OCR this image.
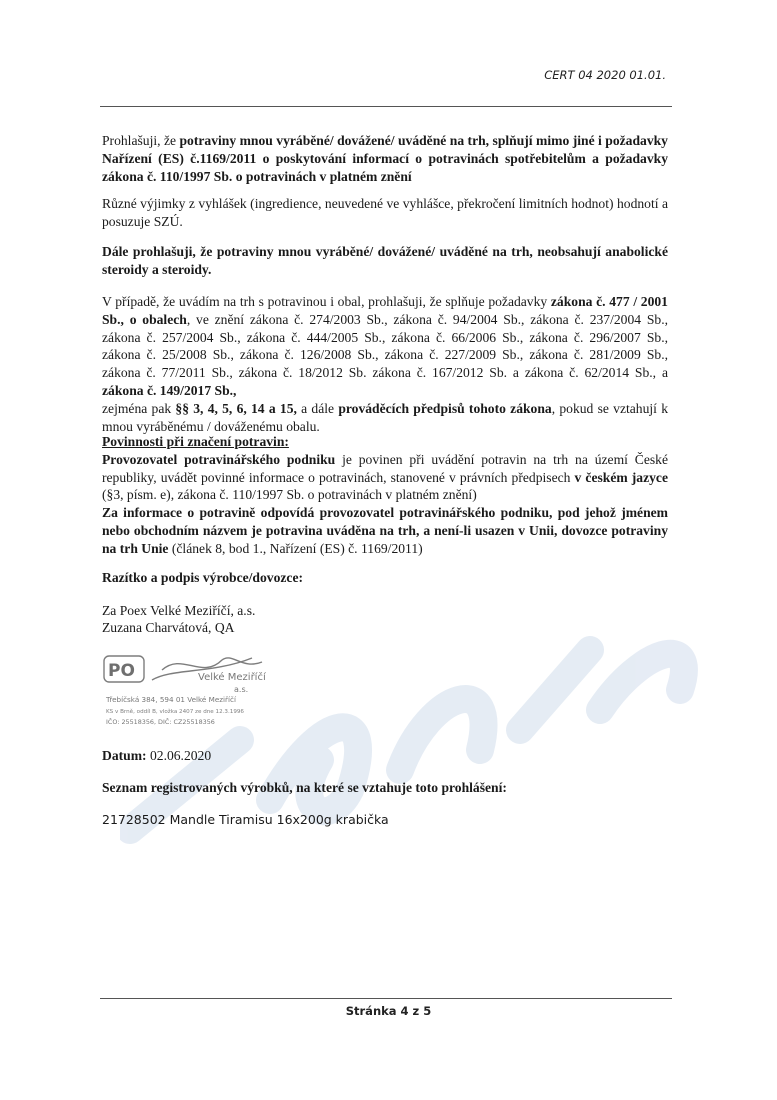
CERT 04 2020 01.01.

Prohlašuji, že potraviny mnou vyráběné/ dovážené/ uváděné na trh, splňují mimo jiné i požadavky Nařízení (ES) č.1169/2011 o poskytování informací o potravinách spotřebitelům a požadavky zákona č. 110/1997 Sb. o potravinách v platném znění

Různé výjimky z vyhlášek (ingredience, neuvedené ve vyhlášce, překročení limitních hodnot) hodnotí a posuzuje SZÚ.

Dále prohlašuji, že potraviny mnou vyráběné/ dovážené/ uváděné na trh, neobsahují anabolické steroidy a steroidy.

V případě, že uvádím na trh s potravinou i obal, prohlašuji, že splňuje požadavky zákona č. 477 / 2001 Sb., o obalech, ve znění zákona č. 274/2003 Sb., zákona č. 94/2004 Sb., zákona č. 237/2004 Sb., zákona č. 257/2004 Sb., zákona č. 444/2005 Sb., zákona č. 66/2006 Sb., zákona č. 296/2007 Sb., zákona č. 25/2008 Sb., zákona č. 126/2008 Sb., zákona č. 227/2009 Sb., zákona č. 281/2009 Sb., zákona č. 77/2011 Sb., zákona č. 18/2012 Sb. zákona č. 167/2012 Sb. a zákona č. 62/2014 Sb., a zákona č. 149/2017 Sb.,
zejména pak §§ 3, 4, 5, 6, 14 a 15, a dále prováděcích předpisů tohoto zákona, pokud se vztahují k mnou vyráběnému / dováženému obalu.

Povinnosti při značení potravin:
Provozovatel potravinářského podniku je povinen při uvádění potravin na trh na území České republiky, uvádět povinné informace o potravinách, stanovené v právních předpisech v českém jazyce (§3, písm. e), zákona č. 110/1997 Sb. o potravinách v platném znění)
Za informace o potravině odpovídá provozovatel potravinářského podniku, pod jehož jménem nebo obchodním názvem je potravina uváděna na trh, a není-li usazen v Unii, dovozce potraviny na trh Unie (článek 8, bod 1., Nařízení (ES) č. 1169/2011)

Razítko a podpis výrobce/dovozce:

Za Poex Velké Meziříčí, a.s.

Zuzana Charvátová, QA

PO	Velké Meziříčí
a.s.
Třebíčská 384, 594 01 Velké Meziříčí
KS v Brně, oddíl B, vložka 2407 ze dne 12.3.1996
IČO: 25518356, DIČ: CZ25518356

Datum: 02.06.2020

Seznam registrovaných výrobků, na které se vztahuje toto prohlášení:

21728502 Mandle Tiramisu 16x200g krabička

Stránka 4 z 5
